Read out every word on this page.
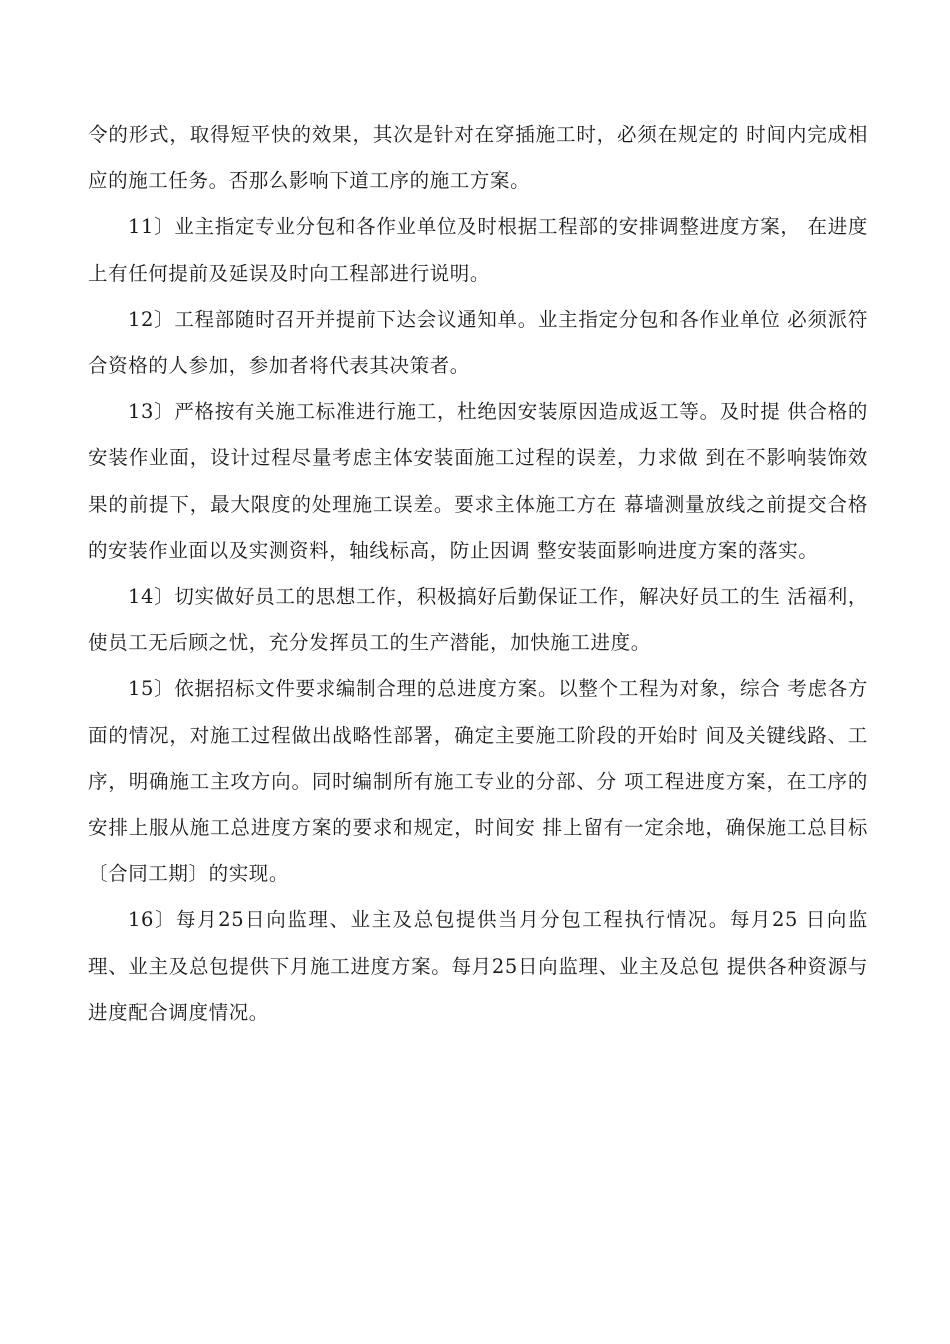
令的形式，取得短平快的效果，其次是针对在穿插施工时，必须在规定的 时间内完成相应的施工任务。否那么影响下道工序的施工方案。

11〕业主指定专业分包和各作业单位及时根据工程部的安排调整进度方案， 在进度上有任何提前及延误及时向工程部进行说明。

12〕工程部随时召开并提前下达会议通知单。业主指定分包和各作业单位 必须派符合资格的人参加，参加者将代表其决策者。

13〕严格按有关施工标准进行施工，杜绝因安装原因造成返工等。及时提 供合格的安装作业面，设计过程尽量考虑主体安装面施工过程的误差，力求做 到在不影响装饰效果的前提下，最大限度的处理施工误差。要求主体施工方在 幕墙测量放线之前提交合格的安装作业面以及实测资料，轴线标高，防止因调 整安装面影响进度方案的落实。

14〕切实做好员工的思想工作，积极搞好后勤保证工作，解决好员工的生 活福利，使员工无后顾之忧，充分发挥员工的生产潜能，加快施工进度。

15〕依据招标文件要求编制合理的总进度方案。以整个工程为对象，综合 考虑各方面的情况，对施工过程做出战略性部署，确定主要施工阶段的开始时 间及关键线路、工序，明确施工主攻方向。同时编制所有施工专业的分部、分 项工程进度方案，在工序的安排上服从施工总进度方案的要求和规定，时间安 排上留有一定余地，确保施工总目标〔合同工期〕的实现。

16〕每月25日向监理、业主及总包提供当月分包工程执行情况。每月25 日向监理、业主及总包提供下月施工进度方案。每月25日向监理、业主及总包 提供各种资源与进度配合调度情况。
